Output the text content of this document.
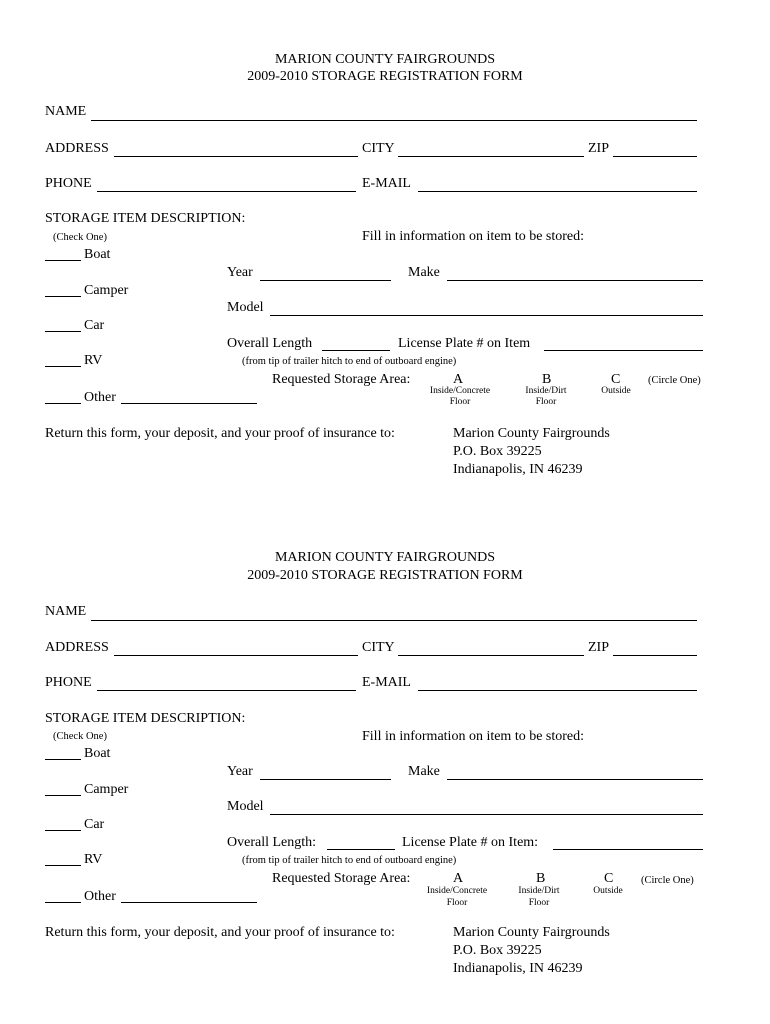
MARION COUNTY FAIRGROUNDS
2009-2010 STORAGE REGISTRATION FORM
NAME
ADDRESS	CITY	ZIP
PHONE	E-MAIL
STORAGE ITEM DESCRIPTION:
(Check One)	Fill in information on item to be stored:
Boat
Camper
Car
RV
Other
Year	Make
Model
Overall Length	License Plate # on Item
(from tip of trailer hitch to end of outboard engine)
Requested Storage Area:	A
Inside/Concrete
Floor
B
Inside/Dirt
Floor
C
Outside
(Circle One)
Return this form, your deposit, and your proof of insurance to:	Marion County Fairgrounds
P.O. Box 39225
Indianapolis, IN 46239
MARION COUNTY FAIRGROUNDS
2009-2010 STORAGE REGISTRATION FORM
NAME
ADDRESS	CITY	ZIP
PHONE	E-MAIL
STORAGE ITEM DESCRIPTION:
(Check One)	Fill in information on item to be stored:
Boat
Camper
Car
RV
Other
Year	Make
Model
Overall Length:	License Plate # on Item:
(from tip of trailer hitch to end of outboard engine)
Requested Storage Area:	A
Inside/Concrete
Floor
B
Inside/Dirt
Floor
C
Outside
(Circle One)
Return this form, your deposit, and your proof of insurance to:	Marion County Fairgrounds
P.O. Box 39225
Indianapolis, IN 46239
